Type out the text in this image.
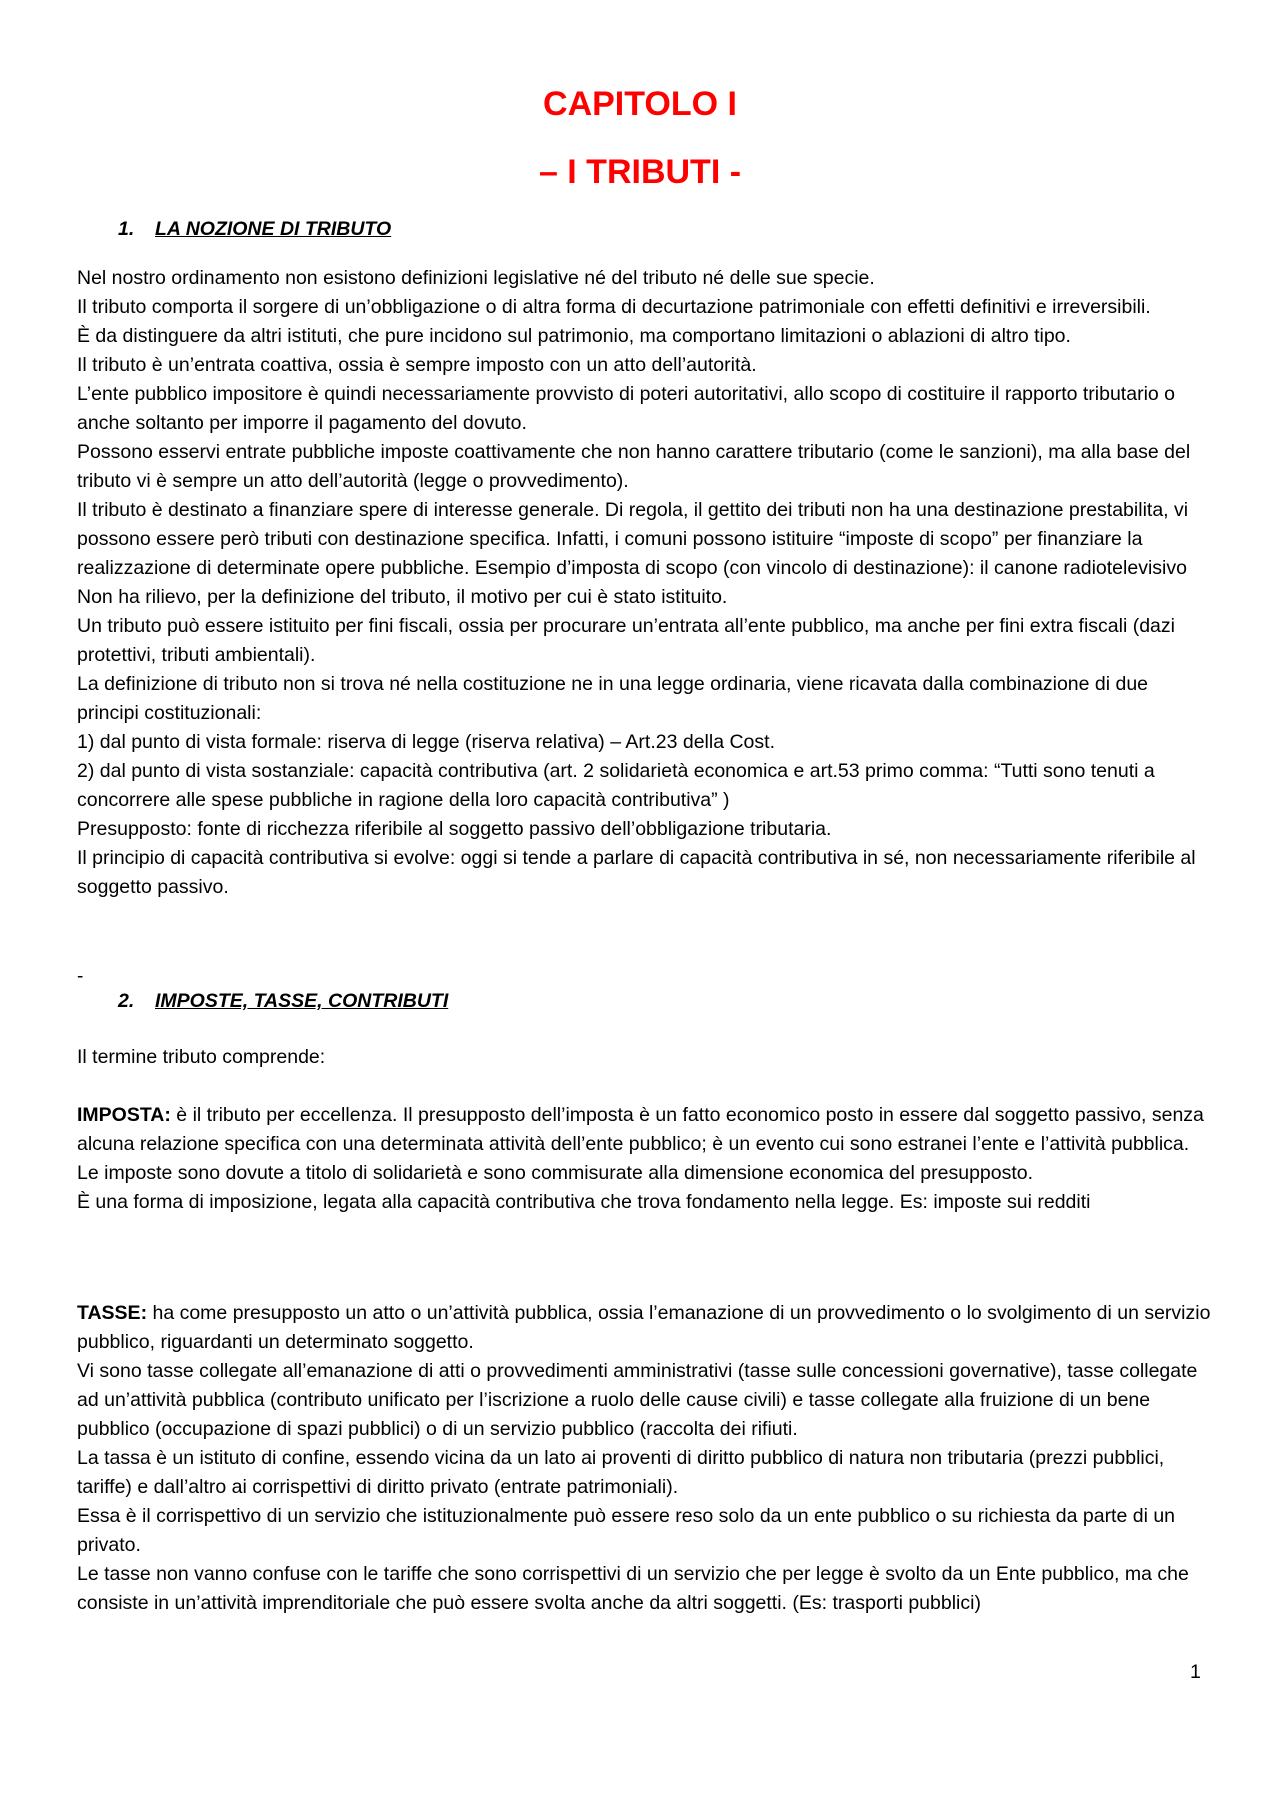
CAPITOLO I
– I TRIBUTI -
1. LA NOZIONE DI TRIBUTO

Nel nostro ordinamento non esistono definizioni legislative né del tributo né delle sue specie.

Il tributo comporta il sorgere di un’obbligazione o di altra forma di decurtazione patrimoniale con effetti definitivi e irreversibili.

È da distinguere da altri istituti, che pure incidono sul patrimonio, ma comportano limitazioni o ablazioni di altro tipo.

Il tributo è un’entrata coattiva, ossia è sempre imposto con un atto dell’autorità.

L’ente pubblico impositore è quindi necessariamente provvisto di poteri autoritativi, allo scopo di costituire il rapporto tributario o anche soltanto per imporre il pagamento del dovuto.

Possono esservi entrate pubbliche imposte coattivamente che non hanno carattere tributario (come le sanzioni), ma alla base del tributo vi è sempre un atto dell’autorità (legge o provvedimento).

Il tributo è destinato a finanziare spere di interesse generale. Di regola, il gettito dei tributi non ha una destinazione prestabilita, vi possono essere però tributi con destinazione specifica. Infatti, i comuni possono istituire “imposte di scopo” per finanziare la realizzazione di determinate opere pubbliche. Esempio d’imposta di scopo (con vincolo di destinazione): il canone radiotelevisivo

Non ha rilievo, per la definizione del tributo, il motivo per cui è stato istituito.

Un tributo può essere istituito per fini fiscali, ossia per procurare un’entrata all’ente pubblico, ma anche per fini extra fiscali (dazi protettivi, tributi ambientali).

La definizione di tributo non si trova né nella costituzione ne in una legge ordinaria, viene ricavata dalla combinazione di due principi costituzionali:

1) dal punto di vista formale: riserva di legge (riserva relativa) – Art.23 della Cost.

2) dal punto di vista sostanziale: capacità contributiva (art. 2 solidarietà economica e art.53 primo comma: “Tutti sono tenuti a concorrere alle spese pubbliche in ragione della loro capacità contributiva” )

Presupposto: fonte di ricchezza riferibile al soggetto passivo dell’obbligazione tributaria.

Il principio di capacità contributiva si evolve: oggi si tende a parlare di capacità contributiva in sé, non necessariamente riferibile al soggetto passivo.

-
2. IMPOSTE, TASSE, CONTRIBUTI

Il termine tributo comprende:

IMPOSTA: è il tributo per eccellenza. Il presupposto dell’imposta è un fatto economico posto in essere dal soggetto passivo, senza alcuna relazione specifica con una determinata attività dell’ente pubblico; è un evento cui sono estranei l’ente e l’attività pubblica.

Le imposte sono dovute a titolo di solidarietà e sono commisurate alla dimensione economica del presupposto.

È una forma di imposizione, legata alla capacità contributiva che trova fondamento nella legge. Es: imposte sui redditi

TASSE: ha come presupposto un atto o un’attività pubblica, ossia l’emanazione di un provvedimento o lo svolgimento di un servizio pubblico, riguardanti un determinato soggetto.

Vi sono tasse collegate all’emanazione di atti o provvedimenti amministrativi (tasse sulle concessioni governative), tasse collegate ad un’attività pubblica (contributo unificato per l’iscrizione a ruolo delle cause civili) e tasse collegate alla fruizione di un bene pubblico (occupazione di spazi pubblici) o di un servizio pubblico (raccolta dei rifiuti.

La tassa è un istituto di confine, essendo vicina da un lato ai proventi di diritto pubblico di natura non tributaria (prezzi pubblici, tariffe) e dall’altro ai corrispettivi di diritto privato (entrate patrimoniali).

Essa è il corrispettivo di un servizio che istituzionalmente può essere reso solo da un ente pubblico o su richiesta da parte di un privato.

Le tasse non vanno confuse con le tariffe che sono corrispettivi di un servizio che per legge è svolto da un Ente pubblico, ma che consiste in un’attività imprenditoriale che può essere svolta anche da altri soggetti. (Es: trasporti pubblici)

1
